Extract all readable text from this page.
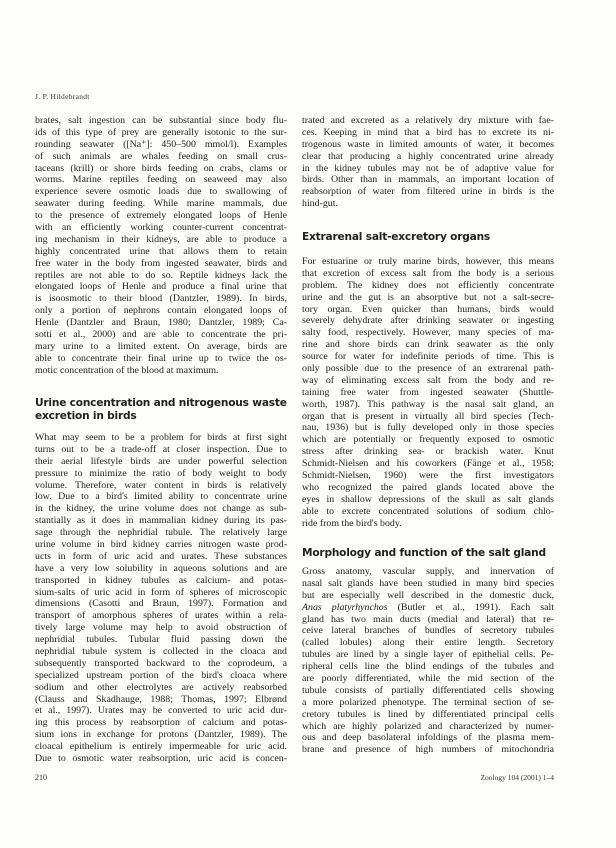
J. P. Hildebrandt
brates, salt ingestion can be substantial since body flu-
ids of this type of prey are generally isotonic to the sur-
rounding seawater ([Na⁺]: 450–500 mmol/l). Examples
of such animals are whales feeding on small crus-
taceans (krill) or shore birds feeding on crabs, clams or
worms. Marine reptiles feeding on seaweed may also
experience severe osmotic loads due to swallowing of
seawater during feeding. While marine mammals, due
to the presence of extremely elongated loops of Henle
with an efficiently working counter-current concentrat-
ing mechanism in their kidneys, are able to produce a
highly concentrated urine that allows them to retain
free water in the body from ingested seawater, birds and
reptiles are not able to do so. Reptile kidneys lack the
elongated loops of Henle and produce a final urine that
is isoosmotic to their blood (Dantzler, 1989). In birds,
only a portion of nephrons contain elongated loops of
Henle (Dantzler and Braun, 1980; Dantzler, 1989; Ca-
sotti et al., 2000) and are able to concentrate the pri-
mary urine to a limited extent. On average, birds are
able to concentrate their final urine up to twice the os-
motic concentration of the blood at maximum.
Urine concentration and nitrogenous waste
excretion in birds
What may seem to be a problem for birds at first sight
turns out to be a trade-off at closer inspection. Due to
their aerial lifestyle birds are under powerful selection
pressure to minimize the ratio of body weight to body
volume. Therefore, water content in birds is relatively
low. Due to a bird's limited ability to concentrate urine
in the kidney, the urine volume does not change as sub-
stantially as it does in mammalian kidney during its pas-
sage through the nephridial tubule. The relatively large
urine volume in bird kidney carries nitrogen waste prod-
ucts in form of uric acid and urates. These substances
have a very low solubility in aqueous solutions and are
transported in kidney tubules as calcium- and potas-
sium-salts of uric acid in form of spheres of microscopic
dimensions (Casotti and Braun, 1997). Formation and
transport of amorphous spheres of urates within a rela-
tively large volume may help to avoid obstruction of
nephridial tubules. Tubular fluid passing down the
nephridial tubule system is collected in the cloaca and
subsequently transported backward to the coprodeum, a
specialized upstream portion of the bird's cloaca where
sodium and other electrolytes are actively reabsorbed
(Clauss and Skadhauge, 1988; Thomas, 1997; Elbrønd
et al., 1997). Urates may be converted to uric acid dur-
ing this process by reabsorption of calcium and potas-
sium ions in exchange for protons (Dantzler, 1989). The
cloacal epithelium is entirely impermeable for uric acid.
Due to osmotic water reabsorption, uric acid is concen-
trated and excreted as a relatively dry mixture with fae-
ces. Keeping in mind that a bird has to excrete its ni-
trogenous waste in limited amounts of water, it becomes
clear that producing a highly concentrated urine already
in the kidney tubules may not be of adaptive value for
birds. Other than in mammals, an important location of
reabsorption of water from filtered urine in birds is the
hind-gut.
Extrarenal salt-excretory organs
For estuarine or truly marine birds, however, this means
that excretion of excess salt from the body is a serious
problem. The kidney does not efficiently concentrate
urine and the gut is an absorptive but not a salt-secre-
tory organ. Even quicker than humans, birds would
severely dehydrate after drinking seawater or ingesting
salty food, respectively. However, many species of ma-
rine and shore birds can drink seawater as the only
source for water for indefinite periods of time. This is
only possible due to the presence of an extrarenal path-
way of eliminating excess salt from the body and re-
taining free water from ingested seawater (Shuttle-
worth, 1987). This pathway is the nasal salt gland, an
organ that is present in virtually all bird species (Tech-
nau, 1936) but is fully developed only in those species
which are potentially or frequently exposed to osmotic
stress after drinking sea- or brackish water. Knut
Schmidt-Nielsen and his coworkers (Fänge et al., 1958;
Schmidt-Nielsen, 1960) were the first investigators
who recognized the paired glands located above the
eyes in shallow depressions of the skull as salt glands
able to excrete concentrated solutions of sodium chlo-
ride from the bird's body.
Morphology and function of the salt gland
Gross anatomy, vascular supply, and innervation of
nasal salt glands have been studied in many bird species
but are especially well described in the domestic duck,
Anas platyrhynchos (Butler et al., 1991). Each salt
gland has two main ducts (medial and lateral) that re-
ceive lateral branches of bundles of secretory tubules
(called lobules) along their entire length. Secretory
tubules are lined by a single layer of epithelial cells. Pe-
ripheral cells line the blind endings of the tubules and
are poorly differentiated, while the mid section of the
tubule consists of partially differentiated cells showing
a more polarized phenotype. The terminal section of se-
cretory tubules is lined by differentiated principal cells
which are highly polarized and characterized by numer-
ous and deep basolateral infoldings of the plasma mem-
brane and presence of high numbers of mitochondria
210	Zoology 104 (2001) 1–4
